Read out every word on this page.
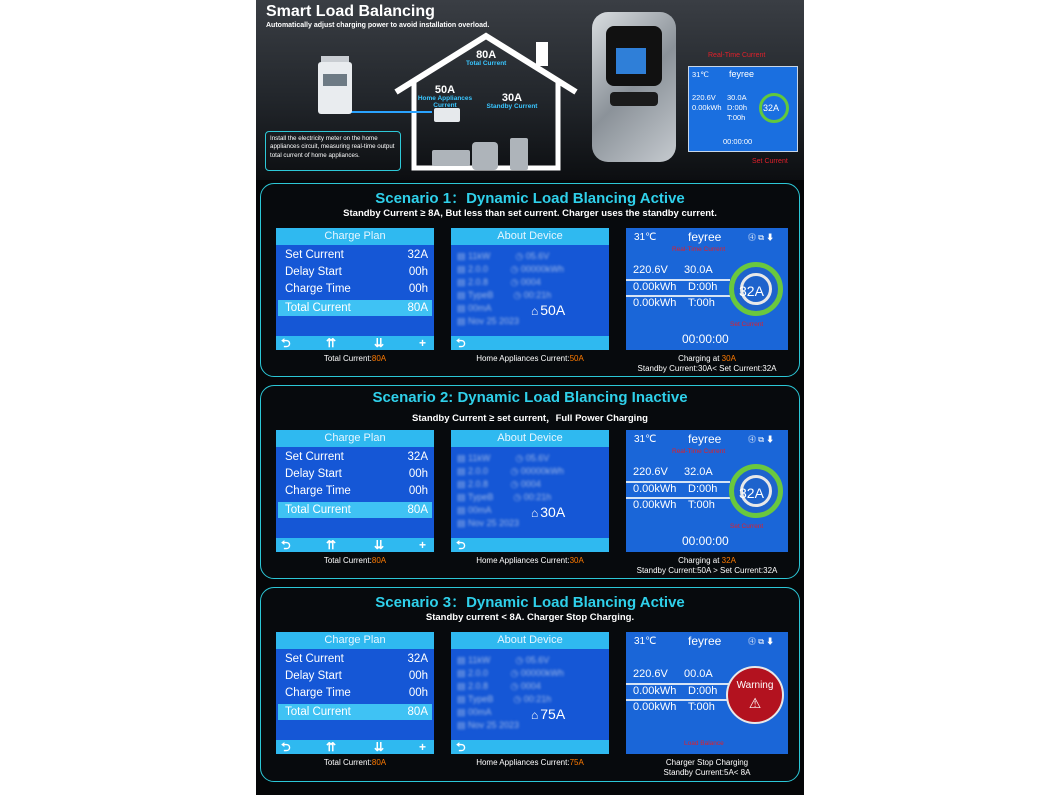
Smart Load Balancing
Automatically adjust charging power to avoid installation overload.
80A
Total Current
50A
Home Appliances Current
30A
Standby Current
Install the electricity meter on the home appliances circuit, measuring real-time output total current of home appliances.
Real-Time Current
31℃ feyree
220.6V 30.0A
0.00kWh D:00h
T:00h
32A
00:00:00
Set Current
Scenario 1：Dynamic Load Blancing Active
Standby Current ≥ 8A, But less than set current. Charger uses the standby current.
Charge Plan
Set Current	32A
Delay Start	00h
Charge Time	00h
Total Current	80A
⮌	⇈	⇊	+
About Device
▤ 11kW          ◷ 05.6V
▤ 2.0.0         ◷ 00000kWh
▤ 2.0.8         ◷ 0004
▤ TypeB        ◷ 00:21h
▤ 00mA
▤ Nov 25 2023
⌂ 50A
⮌
31℃	feyree	⓸ ⧉ ⬇
Real-Time Current
220.6V 30.0A
0.00kWh D:00h
0.00kWh T:00h
32A
Set Current
00:00:00
Total Current:80A	Home Appliances Current:50A	Charging at 30A
Standby Current:30A< Set Current:32A
Scenario 2: Dynamic Load Blancing Inactive
Standby Current ≥ set current，Full Power Charging
Charge Plan
Set Current	32A
Delay Start	00h
Charge Time	00h
Total Current	80A
⮌	⇈	⇊	+
About Device
▤ 11kW          ◷ 05.6V
▤ 2.0.0         ◷ 00000kWh
▤ 2.0.8         ◷ 0004
▤ TypeB        ◷ 00:21h
▤ 00mA
▤ Nov 25 2023
⌂ 30A
⮌
31℃	feyree	⓸ ⧉ ⬇
Real-Time Current
220.6V 32.0A
0.00kWh D:00h
0.00kWh T:00h
32A
Set Current
00:00:00
Total Current:80A	Home Appliances Current:30A	Charging at 32A
Standby Current:50A > Set Current:32A
Scenario 3：Dynamic Load Blancing Active
Standby current < 8A. Charger Stop Charging.
Charge Plan
Set Current	32A
Delay Start	00h
Charge Time	00h
Total Current	80A
⮌	⇈	⇊	+
About Device
▤ 11kW          ◷ 05.6V
▤ 2.0.0         ◷ 00000kWh
▤ 2.0.8         ◷ 0004
▤ TypeB        ◷ 00:21h
▤ 00mA
▤ Nov 25 2023
⌂ 75A
⮌
31℃	feyree	⓸ ⧉ ⬇
220.6V 00.0A
0.00kWh D:00h
0.00kWh T:00h
Warning
⚠
Load Balance
Total Current:80A	Home Appliances Current:75A	Charger Stop Charging
Standby Current:5A< 8A
